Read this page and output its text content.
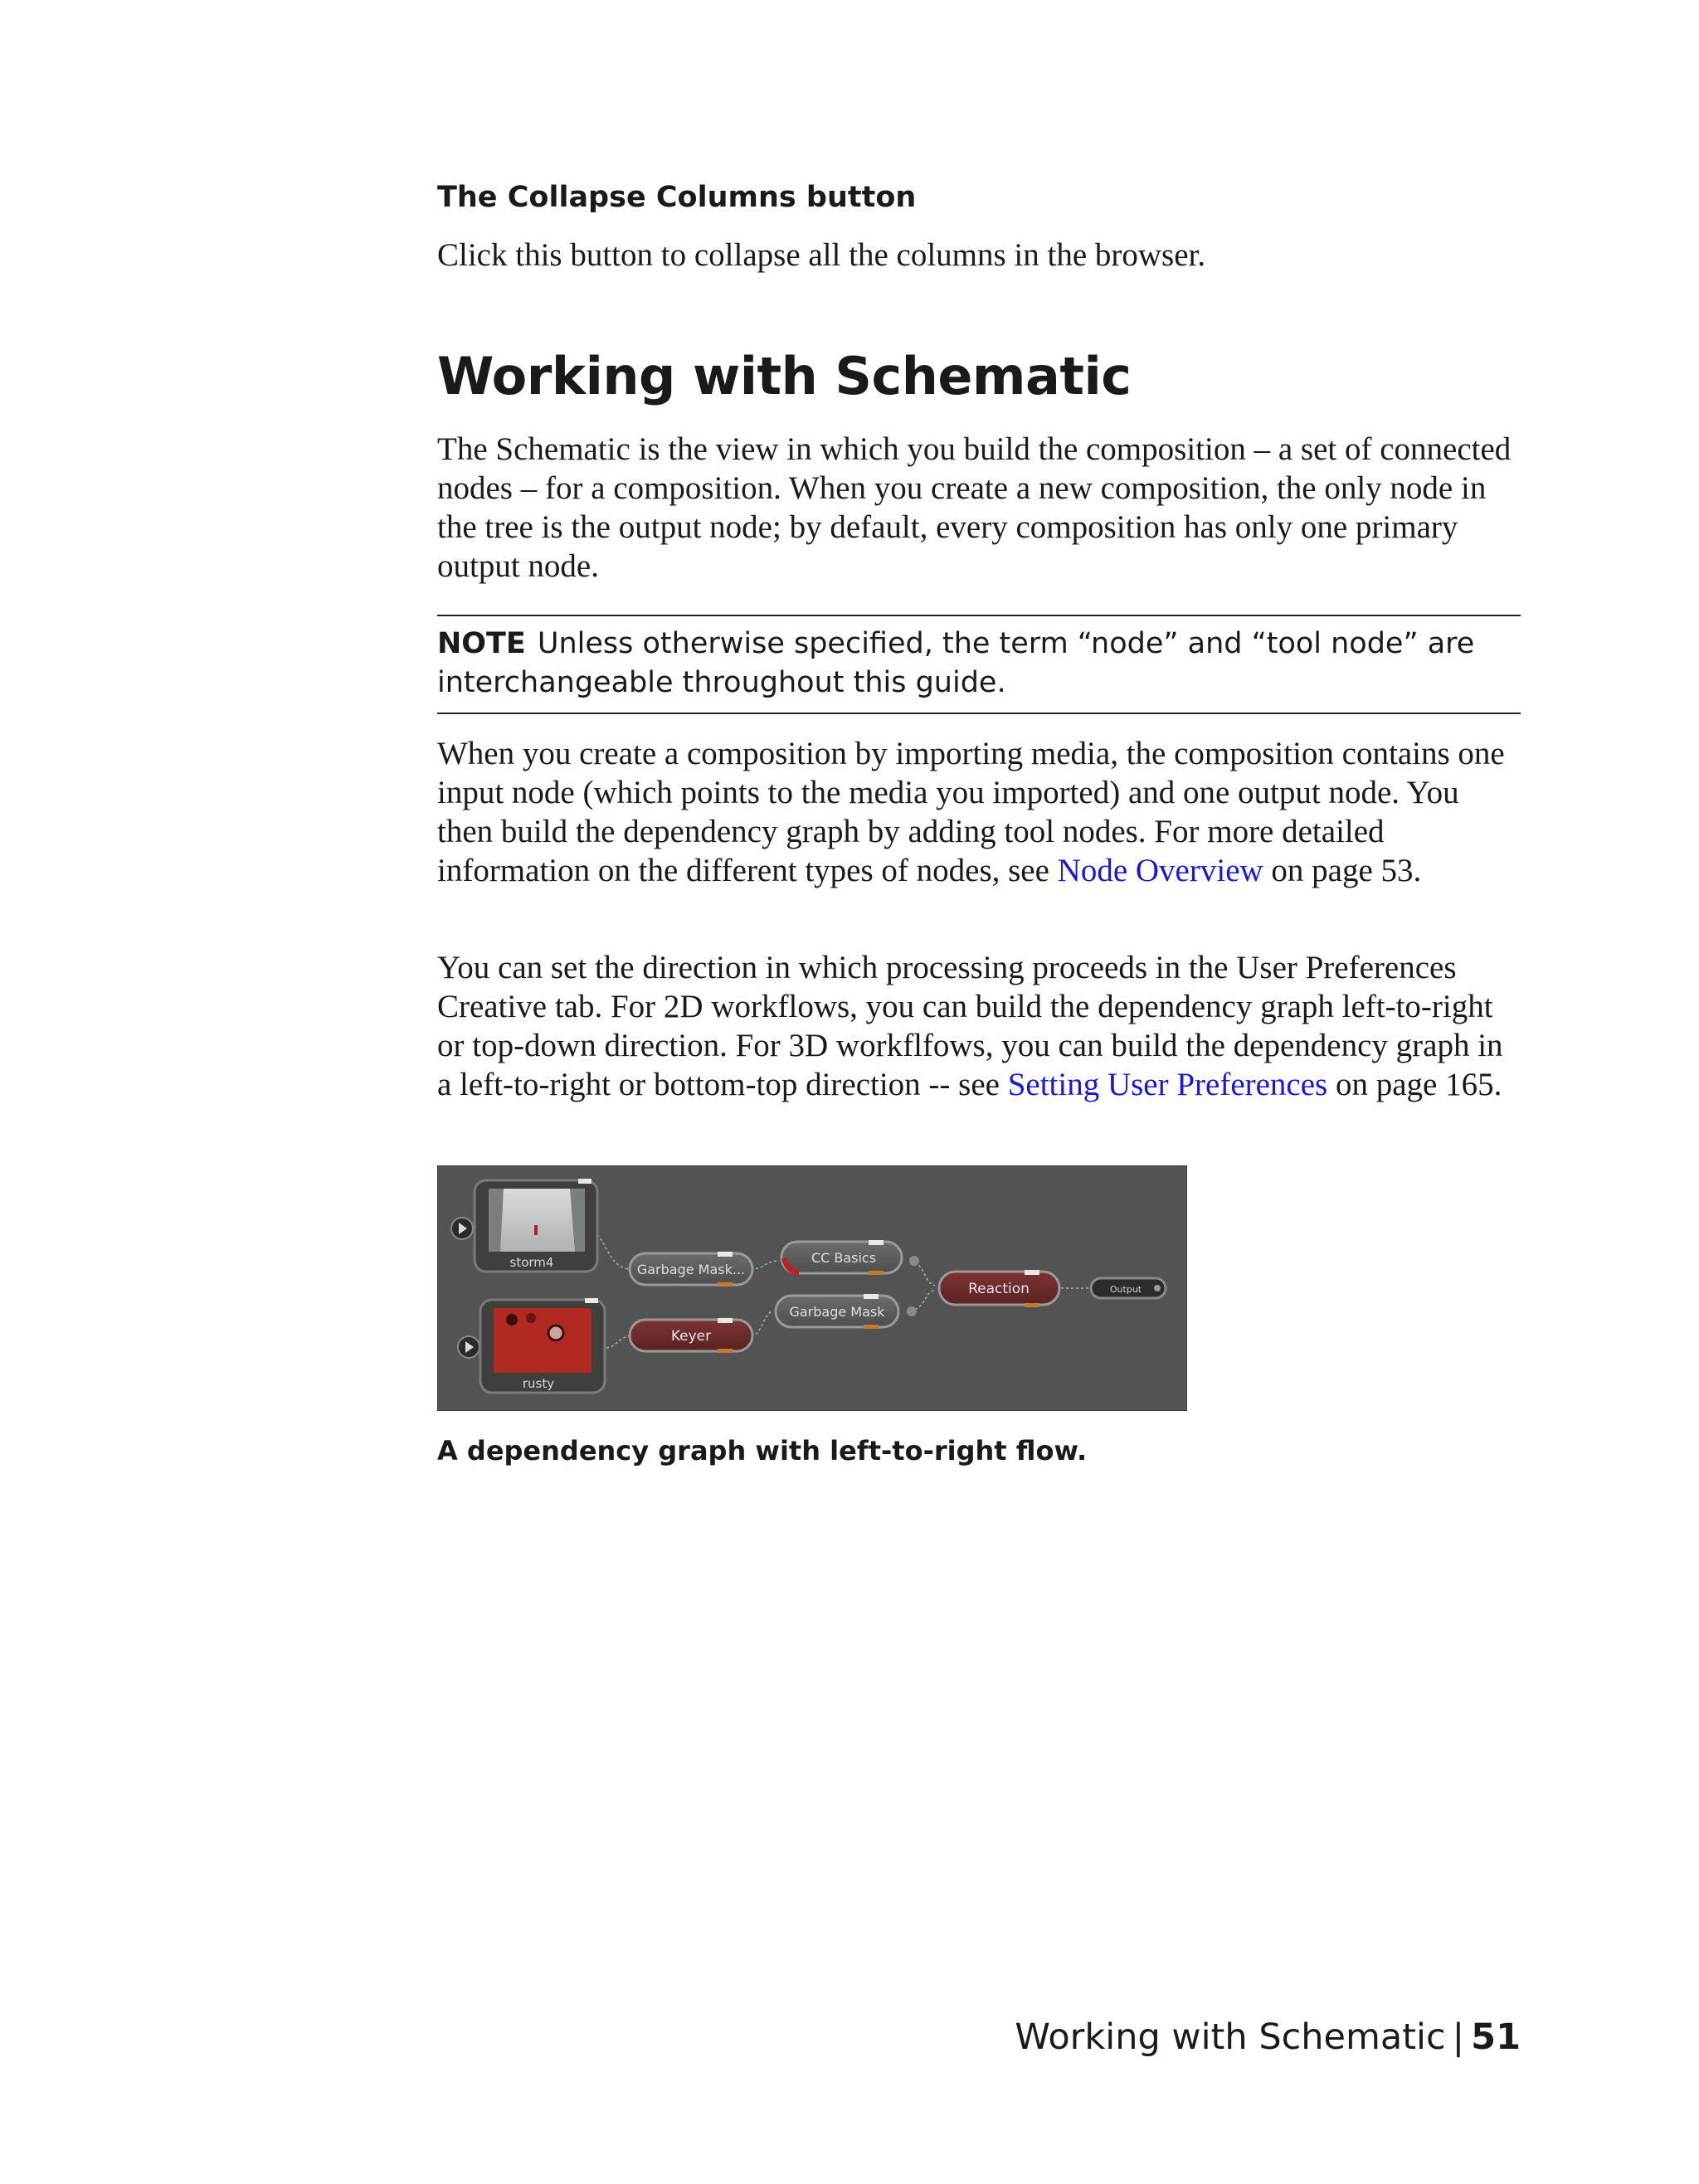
The Collapse Columns button
Click this button to collapse all the columns in the browser.
Working with Schematic
The Schematic is the view in which you build the composition – a set of connected nodes – for a composition. When you create a new composition, the only node in the tree is the output node; by default, every composition has only one primary output node.
NOTE Unless otherwise specified, the term “node” and “tool node” are interchangeable throughout this guide.
When you create a composition by importing media, the composition contains one input node (which points to the media you imported) and one output node. You then build the dependency graph by adding tool nodes. For more detailed information on the different types of nodes, see Node Overview on page 53.
You can set the direction in which processing proceeds in the User Preferences Creative tab. For 2D workflows, you can build the dependency graph left-to-right or top-down direction. For 3D workflfows, you can build the dependency graph in a left-to-right or bottom-top direction -- see Setting User Preferences on page 165.
storm4
rusty
Garbage Mask...
Keyer
CC Basics
Garbage Mask
Reaction	Output
A dependency graph with left-to-right flow.
Working with Schematic | 51
